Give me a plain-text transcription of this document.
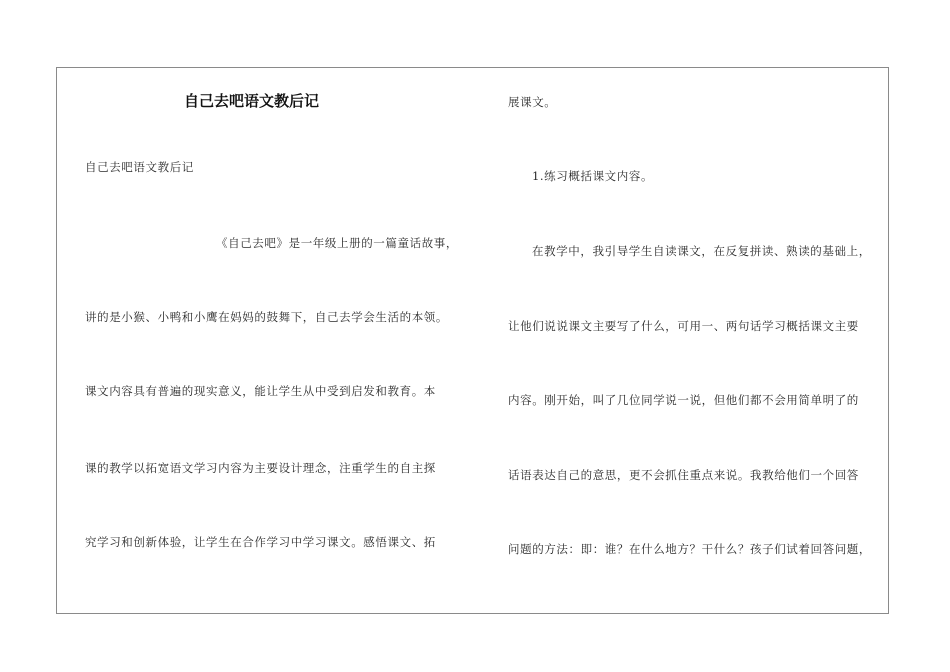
自己去吧语文教后记
自己去吧语文教后记
《自己去吧》是一年级上册的一篇童话故事，
讲的是小猴、小鸭和小鹰在妈妈的鼓舞下，自己去学会生活的本领。
课文内容具有普遍的现实意义，能让学生从中受到启发和教育。本
课的教学以拓宽语文学习内容为主要设计理念，注重学生的自主探
究学习和创新体验，让学生在合作学习中学习课文。感悟课文、拓
展课文。
1.练习概括课文内容。
在教学中，我引导学生自读课文，在反复拼读、熟读的基础上，
让他们说说课文主要写了什么，可用一、两句话学习概括课文主要
内容。刚开始，叫了几位同学说一说，但他们都不会用简单明了的
话语表达自己的意思，更不会抓住重点来说。我教给他们一个回答
问题的方法：即：谁？在什么地方？干什么？孩子们试着回答问题，
